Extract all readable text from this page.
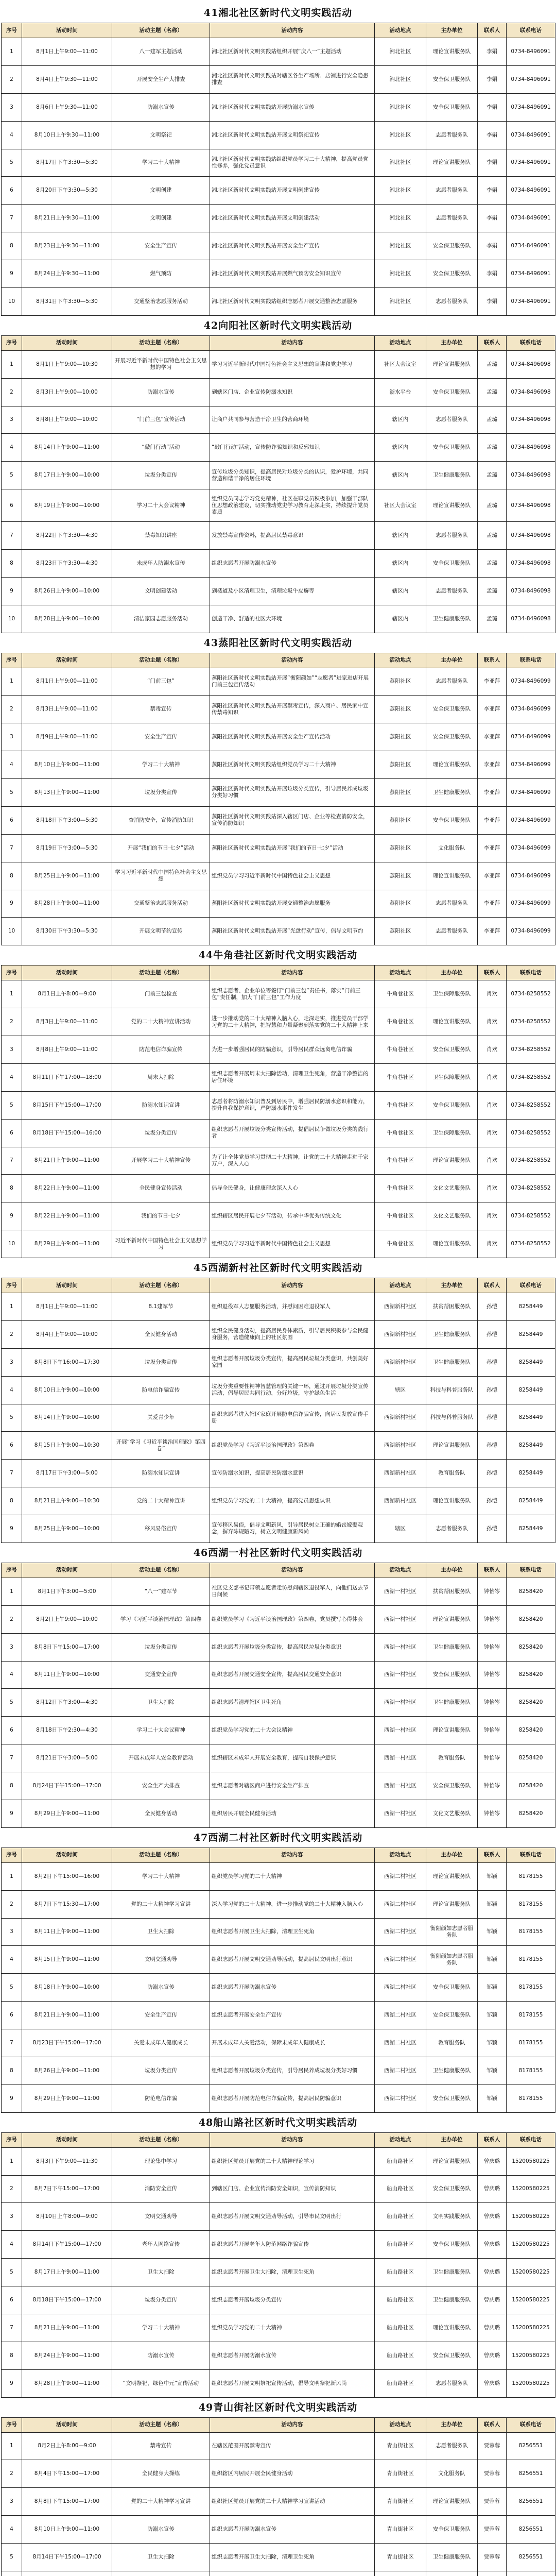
41湘北社区新时代文明实践活动
序号	活动时间	活动主题（名称）	活动内容	活动地点	主办单位	联系人	联系电话
1	8月1日上午9:00—11:00	八一建军主题活动	湘北社区新时代文明实践站组织开展“庆八一”主题活动	湘北社区	理论宣讲服务队	李娟	0734-8496091
2	8月4日上午9:30—11:00	开展安全生产大排查	湘北社区新时代文明实践站对辖区各生产场所、店铺进行安全隐患排查	湘北社区	安全保卫服务队	李娟	0734-8496091
3	8月6日上午9:30—11:00	防溺水宣传	湘北社区新时代文明实践站开展防溺水宣传	湘北社区	安全保卫服务队	李娟	0734-8496091
4	8月10日上午9:30—11:00	文明祭祀	湘北社区新时代文明实践站开展文明祭祀宣传	湘北社区	志愿者服务队	李娟	0734-8496091
5	8月17日下午3:30—5:30	学习二十大精神	湘北社区新时代文明实践站组织党员学习二十大精神，提高党员党性修养，强化党员意识	湘北社区	理论宣讲服务队	李娟	0734-8496091
6	8月20日下午3:30—5:30	文明创建	湘北社区新时代文明实践站开展文明创建宣传	湘北社区	志愿者服务队	李娟	0734-8496091
7	8月21日上午9:30—11:00	文明创建	湘北社区新时代文明实践站开展文明创建活动	湘北社区	志愿者服务队	李娟	0734-8496091
8	8月23日上午9:30—11:00	安全生产宣传	湘北社区新时代文明实践站开展安全生产宣传	湘北社区	安全保卫服务队	李娟	0734-8496091
9	8月24日上午9:30—11:00	燃气预防	湘北社区新时代文明实践站开展燃气预防安全知识宣传	湘北社区	安全保卫服务队	李娟	0734-8496091
10	8月31日下午3:30—5:30	交通整治志愿服务活动	湘北社区新时代文明实践站组织志愿者开展交通整治志愿服务	湘北社区	志愿者服务队	李娟	0734-8496091
42向阳社区新时代文明实践活动
序号	活动时间	活动主题（名称）	活动内容	活动地点	主办单位	联系人	联系电话
1	8月1日上午9:00—10:30	开展习近平新时代中国特色社会主义思想的学习	学习习近平新时代中国特色社会主义思想的宣讲和党史学习	社区大会议室	理论宣讲服务队	孟璐	0734-8496098
2	8月3日上午9:00—10:00	防溺水宣传	到辖区门店、企业宣传防溺水知识	浙水平台	安全保卫服务队	孟璐	0734-8496098
3	8月8日上午9:00—10:00	“门前三包”宣传活动	让商户共同参与营造干净卫生的营商环境	辖区内	志愿者服务队	孟璐	0734-8496098
4	8月14日上午9:00—11:00	“敲门行动”活动	“敲门行动”活动，宣传防诈骗知识和反邪知识	辖区内	安全保卫服务队	孟璐	0734-8496098
5	8月17日上午9:00—10:00	垃圾分类宣传	宣传垃圾分类知识，提高居民对垃圾分类的认识，爱护环境，共同营造和谐干净的居住环境	辖区内	卫生健康服务队	孟璐	0734-8496098
6	8月19日上午9:00—10:00	学习二十大会议精神	组织党员同志学习党史精神，社区在职党员积极参加，加强干部队伍思想政治建设，切实推动党史学习教育走深走实，持续提升党员素质	社区大会议室	理论宣讲服务队	孟璐	0734-8496098
7	8月22日下午3:30—4:30	禁毒知识讲座	发放禁毒宣传资料，提高居民禁毒意识	辖区内	志愿者服务队	孟璐	0734-8496098
8	8月23日下午3:30—4:30	未成年人防溺水宣传	组织志愿者开展防溺水宣传	辖区内	安全保卫服务队	孟璐	0734-8496098
9	8月26日上午9:00—10:00	文明创建活动	到楼道及小区清理卫生，清理垃圾牛皮癣等	辖区内	志愿者服务队	孟璐	0734-8496098
10	8月28日上午9:00—10:00	清洁家园志愿服务活动	创造干净、舒适的社区大环境	辖区内	卫生健康服务队	孟璐	0734-8496098
43蒸阳社区新时代文明实践活动
序号	活动时间	活动主题（名称）	活动内容	活动地点	主办单位	联系人	联系电话
1	8月1日上午9:00—11:00	“门前三包”	蒸阳社区新时代文明实践站开展“衡阳颜如”“志愿者”进家进店开展门前三包宣传活动	蒸阳社区	志愿者服务队	李亚萍	0734-8496099
2	8月3日上午9:00—11:00	禁毒宣传	蒸阳社区新时代文明实践站开展禁毒宣传，深入商户、居民家中宣传禁毒知识	蒸阳社区	安全保卫服务队	李亚萍	0734-8496099
3	8月9日上午9:00—11:00	安全生产宣传	蒸阳社区新时代文明实践站开展安全生产宣传活动	蒸阳社区	安全保卫服务队	李亚萍	0734-8496099
4	8月10日上午9:00—11:00	学习二十大精神	蒸阳社区新时代文明实践站组织党员学习二十大精神	蒸阳社区	理论宣讲服务队	李亚萍	0734-8496099
5	8月13日上午9:00—11:00	垃圾分类宣传	蒸阳社区新时代文明实践站开展垃圾分类宣传，引导居民养成垃圾分类好习惯	蒸阳社区	卫生健康服务队	李亚萍	0734-8496099
6	8月18日下午3:00—5:30	查消防安全，宣传消防知识	蒸阳社区新时代文明实践站深入辖区门店、企业等检查消防安全，宣传消防知识	蒸阳社区	安全保卫服务队	李亚萍	0734-8496099
7	8月19日下午3:00—5:30	开展“我们的节日·七夕”活动	蒸阳社区新时代文明实践站开展“我们的节日·七夕”活动	蒸阳社区	文化服务队	李亚萍	0734-8496099
8	8月25日上午9:00—11:00	学习习近平新时代中国特色社会主义思想	组织党员学习习近平新时代中国特色社会主义思想	蒸阳社区	理论宣讲服务队	李亚萍	0734-8496099
9	8月28日上午9:00—11:00	交通整治志愿服务活动	蒸阳社区新时代文明实践站开展交通整治志愿服务	蒸阳社区	志愿者服务队	李亚萍	0734-8496099
10	8月30日下午3:30—5:30	开展文明节约宣传	蒸阳社区新时代文明实践站开展“光盘行动”宣传，倡导文明节约	蒸阳社区	志愿者服务队	李亚萍	0734-8496099
44牛角巷社区新时代文明实践活动
序号	活动时间	活动主题（名称）	活动内容	活动地点	主办单位	联系人	联系电话
1	8月1日上午8:00—9:00	门前三包检查	组织志愿者、企业单位等签订“门前三包”责任书，落实“门前三包”责任制，加大“门前三包”工作力度	牛角巷社区	卫生保障服务队	肖欢	0734-8258552
2	8月3日上午9:00—11:00	党的二十大精神宣讲活动	进一步推动党的二十大精神入脑入心，走深走实，推进党员干部学习党的二十大精神，把智慧和力量凝聚到落实党的二十大精神上来	牛角巷社区	理论宣讲服务队	肖欢	0734-8258552
3	8月8日上午9:00—11:00	防范电信诈骗宣传	为进一步增强居民的防骗意识，引导居民群众远离电信诈骗	牛角巷社区	安全保卫服务队	肖欢	0734-8258552
4	8月11日下午17:00—18:00	周末大扫除	组织志愿者开展周末大扫除活动，清理卫生死角，营造干净整洁的居住环境	牛角巷社区	卫生保障服务队	肖欢	0734-8258552
5	8月15日下午15:00—17:00	防溺水知识宣讲	志愿者将防溺水知识普及到居民中，增强居民防溺水意识和能力，提升自我保护意识，严防溺水事件发生	牛角巷社区	安全保卫服务队	肖欢	0734-8258552
6	8月18日下午15:00—16:00	垃圾分类宣传	组织志愿者开展垃圾分类宣传活动，提倡居民争做垃圾分类的践行者	牛角巷社区	卫生保障服务队	肖欢	0734-8258552
7	8月21日上午9:00—11:00	开展学习二十大精神宣传	为了让全体党员学习贯彻二十大精神，让党的二十大精神走进千家万户，深入人心	牛角巷社区	理论宣讲服务队	肖欢	0734-8258552
8	8月22日上午9:00—11:00	全民健身宣传活动	倡导全民健身，让健康理念深入人心	牛角巷社区	文化文艺服务队	肖欢	0734-8258552
9	8月22日上午9:00—11:00	我们的节日·七夕	组织辖区居民开展七夕节活动，传承中华优秀传统文化	牛角巷社区	文化文艺服务队	肖欢	0734-8258552
10	8月29日上午9:00—11:00	习近平新时代中国特色社会主义思想学习	组织党员学习习近平新时代中国特色社会主义思想	牛角巷社区	理论宣讲服务队	肖欢	0734-8258552
45西湖新村社区新时代文明实践活动
序号	活动时间	活动主题（名称）	活动内容	活动地点	主办单位	联系人	联系电话
1	8月1日上午9:00—11:00	8.1建军节	组织退役军人志愿服务活动，并慰问困难退役军人	西湖新村社区	扶贫帮困服务队	孙恺	8258449
2	8月4日上午9:00—10:00	全民健身活动	组织全民健身活动，提高居民身体素质，引导居民积极参与全民健身服务，营造健康向上的社区氛围	西湖新村社区	卫生健康服务队	孙恺	8258449
3	8月8日下午16:00—17:30	垃圾分类宣传	组织志愿者开展垃圾分类宣传，提高居民垃圾分类意识，共创美好家园	西湖新村社区	卫生健康服务队	孙恺	8258449
4	8月10日上午9:00—10:00	防电信诈骗宣传	垃圾分类重要性精神智慧管理的关键一环，通过开展垃圾分类宣传活动，倡导居民共同行动，分好垃圾，守护绿色生活	辖区	科技与科普服务队	孙恺	8258449
5	8月14日上午9:00—10:00	关爱青少年	组织志愿者进入辖区家庭开展防电信诈骗宣传，向居民发放宣传手册	西湖新村社区	科技与科普服务队	孙恺	8258449
6	8月15日上午9:00—10:30	开展“学习《习近平谈治国理政》第四卷”	组织党员学习《习近平谈治国理政》第四卷	西湖新村社区	理论宣讲服务队	孙恺	8258449
7	8月17日下午3:00—5:00	防溺水知识宣讲	宣传防溺水知识，提高居民防溺水意识	西湖新村社区	教育服务队	孙恺	8258449
8	8月21日上午9:00—10:30	党的二十大精神宣讲	组织党员学习党的二十大精神，提高党员思想认识	西湖新村社区	理论宣讲服务队	孙恺	8258449
9	8月25日上午9:00—10:00	移风易俗宣传	宣传移风易俗，倡导文明新风，引导居民树立正确的婚丧嫁娶观念，摒弃陈规陋习，树立文明健康新风尚	辖区	志愿者服务队	孙恺	8258449
46西湖一村社区新时代文明实践活动
序号	活动时间	活动主题（名称）	活动内容	活动地点	主办单位	联系人	联系电话
1	8月1日下午3:00—5:00	“八一”建军节	社区党支部书记带领志愿者走访慰问辖区退役军人，向他们送去节日问候	西湖一村社区	扶贫帮困服务队	钟怡岑	8258420
2	8月2日上午9:00—10:00	学习《习近平谈治国理政》第四卷	组织党员学习《习近平谈治国理政》第四卷，党员撰写心得体会	西湖一村社区	理论宣讲服务队	钟怡岑	8258420
3	8月8日下午15:00—17:00	垃圾分类宣传	组织志愿者开展垃圾分类宣传，提高居民垃圾分类意识	西湖一村社区	卫生健康服务队	钟怡岑	8258420
4	8月11日上午9:00—10:00	交通安全宣传	组织志愿者开展交通安全宣传，提高居民交通安全意识	西湖一村社区	安全保卫服务队	钟怡岑	8258420
5	8月12日下午3:00—4:30	卫生大扫除	组织志愿者清理辖区卫生死角	西湖一村社区	卫生健康服务队	钟怡岑	8258420
6	8月18日下午2:30—4:30	学习二十大会议精神	组织党员学习党的二十大会议精神	西湖一村社区	理论宣讲服务队	钟怡岑	8258420
7	8月21日下午3:00—5:00	开展未成年人安全教育活动	组织辖区未成年人开展安全教育，提高自我保护意识	西湖一村社区	教育服务队	钟怡岑	8258420
8	8月24日下午15:00—17:00	安全生产大排查	组织志愿者对辖区商户进行安全生产排查	西湖一村社区	安全保卫服务队	钟怡岑	8258420
9	8月29日上午9:00—11:00	全民健身活动	组织居民开展全民健身活动	西湖一村社区	文化文艺服务队	钟怡岑	8258420
47西湖二村社区新时代文明实践活动
序号	活动时间	活动主题（名称）	活动内容	活动地点	主办单位	联系人	联系电话
1	8月2日下午15:00—16:00	学习二十大精神	组织党员学习党的二十大精神	西湖二村社区	理论宣讲服务队	邹颖	8178155
2	8月7日下午15:30—17:00	党的二十大精神学习宣讲	深入学习党的二十大精神，进一步推动党的二十大精神入脑入心	西湖二村社区	理论宣讲服务队	邹颖	8178155
3	8月11日上午9:00—11:00	卫生大扫除	组织志愿者开展卫生大扫除，清理卫生死角	西湖二村社区	衡阳颜如志愿者服务队	邹颖	8178155
4	8月15日上午9:00—11:00	文明交通劝导	组织志愿者开展文明交通劝导活动，提高居民文明出行意识	西湖二村社区	衡阳颜如志愿者服务队	邹颖	8178155
5	8月18日上午9:00—10:00	防溺水宣传	组织志愿者开展防溺水宣传	西湖二村社区	安全保卫服务队	邹颖	8178155
6	8月21日上午9:00—11:00	安全生产宣传	组织志愿者开展安全生产宣传	西湖二村社区	安全保卫服务队	邹颖	8178155
7	8月23日下午15:00—17:00	关爱未成年人健康成长	开展未成年人关爱活动，保障未成年人健康成长	西湖二村社区	教育服务队	邹颖	8178155
8	8月26日上午9:00—11:00	垃圾分类宣传	组织志愿者开展垃圾分类宣传，引导居民养成垃圾分类好习惯	西湖二村社区	卫生健康服务队	邹颖	8178155
9	8月29日上午9:00—11:00	防范电信诈骗	组织志愿者开展防范电信诈骗宣传，提高居民防骗意识	西湖二村社区	安全保卫服务队	邹颖	8178155
48船山路社区新时代文明实践活动
序号	活动时间	活动主题（名称）	活动内容	活动地点	主办单位	联系人	联系电话
1	8月3日下午9:00—11:30	理论集中学习	组织社区党员开展党的二十大精神理论学习	船山路社区	理论宣讲服务队	曾庆璐	15200580225
2	8月7日下午15:00—17:00	消防安全宣传	到辖区门店、企业宣传消防安全知识，宣传消防知识	船山路社区	安全保卫服务队	曾庆璐	15200580225
3	8月10日上午8:00—9:00	文明交通劝导	组织志愿者开展文明交通劝导活动，引导市民文明出行	船山路社区	文明实践服务队	曾庆璐	15200580225
4	8月14日下午15:00—17:00	老年人网络宣传	组织志愿者开展老年人防范网络诈骗宣传	船山路社区	安全保卫服务队	曾庆璐	15200580225
5	8月17日上午9:00—11:00	卫生大扫除	组织志愿者开展卫生大扫除，清理卫生死角	船山路社区	卫生健康服务队	曾庆璐	15200580225
6	8月18日下午15:00—17:00	垃圾分类宣传	组织志愿者开展垃圾分类宣传	船山路社区	卫生健康服务队	曾庆璐	15200580225
7	8月21日上午9:00—11:00	学习二十大精神	组织党员学习党的二十大精神	船山路社区	理论宣讲服务队	曾庆璐	15200580225
8	8月24日上午9:00—11:00	防溺水宣传	组织志愿者开展防溺水宣传	船山路社区	安全保卫服务队	曾庆璐	15200580225
9	8月28日上午9:00—11:00	“文明祭祀，绿色中元”宣传活动	组织志愿者开展文明祭祀宣传活动，倡导文明祭祀新风尚	船山路社区	志愿者服务队	曾庆璐	15200580225
49青山街社区新时代文明实践活动
序号	活动时间	活动主题（名称）	活动内容	活动地点	主办单位	联系人	联系电话
1	8月2日上午8:00—9:00	禁毒宣传	在辖区范围开展禁毒宣传	青山街社区	志愿者服务队	贾蓉蓉	8256551
2	8月4日下午15:00—17:00	全民健身大操练	组织辖区内居民开展全民健身活动	青山街社区	文化服务队	贾蓉蓉	8256551
3	8月8日下午15:00—17:00	党的二十大精神学习宣讲	组织社区党员开展党的二十大精神学习宣讲活动	青山街社区	理论宣讲服务队	贾蓉蓉	8256551
4	8月10日上午9:00—11:00	防溺水宣传	组织志愿者开展防溺水宣传	青山街社区	安全保卫服务队	贾蓉蓉	8256551
5	8月14日下午15:00—17:00	卫生大扫除	组织志愿者开展卫生大扫除，清理卫生死角	青山街社区	卫生健康服务队	贾蓉蓉	8256551
